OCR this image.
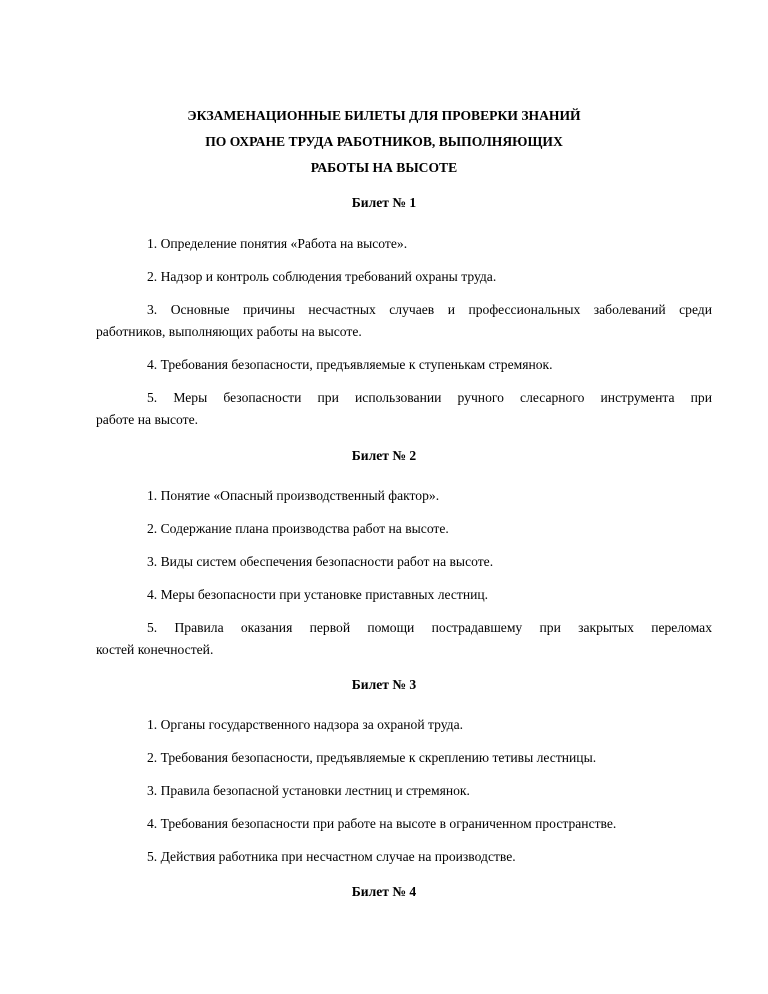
ЭКЗАМЕНАЦИОННЫЕ БИЛЕТЫ ДЛЯ ПРОВЕРКИ ЗНАНИЙ
ПО ОХРАНЕ ТРУДА РАБОТНИКОВ, ВЫПОЛНЯЮЩИХ
РАБОТЫ НА ВЫСОТЕ
Билет № 1
1. Определение понятия «Работа на высоте».
2. Надзор и контроль соблюдения требований охраны труда.
3. Основные причины несчастных случаев и профессиональных заболеваний среди
работников, выполняющих работы на высоте.
4. Требования безопасности, предъявляемые к ступенькам стремянок.
5. Меры безопасности при использовании ручного слесарного инструмента при
работе на высоте.
Билет № 2
1. Понятие «Опасный производственный фактор».
2. Содержание плана производства работ на высоте.
3. Виды систем обеспечения безопасности работ на высоте.
4. Меры безопасности при установке приставных лестниц.
5. Правила оказания первой помощи пострадавшему при закрытых переломах
костей конечностей.
Билет № 3
1. Органы государственного надзора за охраной труда.
2. Требования безопасности, предъявляемые к скреплению тетивы лестницы.
3. Правила безопасной установки лестниц и стремянок.
4. Требования безопасности при работе на высоте в ограниченном пространстве.
5. Действия работника при несчастном случае на производстве.
Билет № 4
